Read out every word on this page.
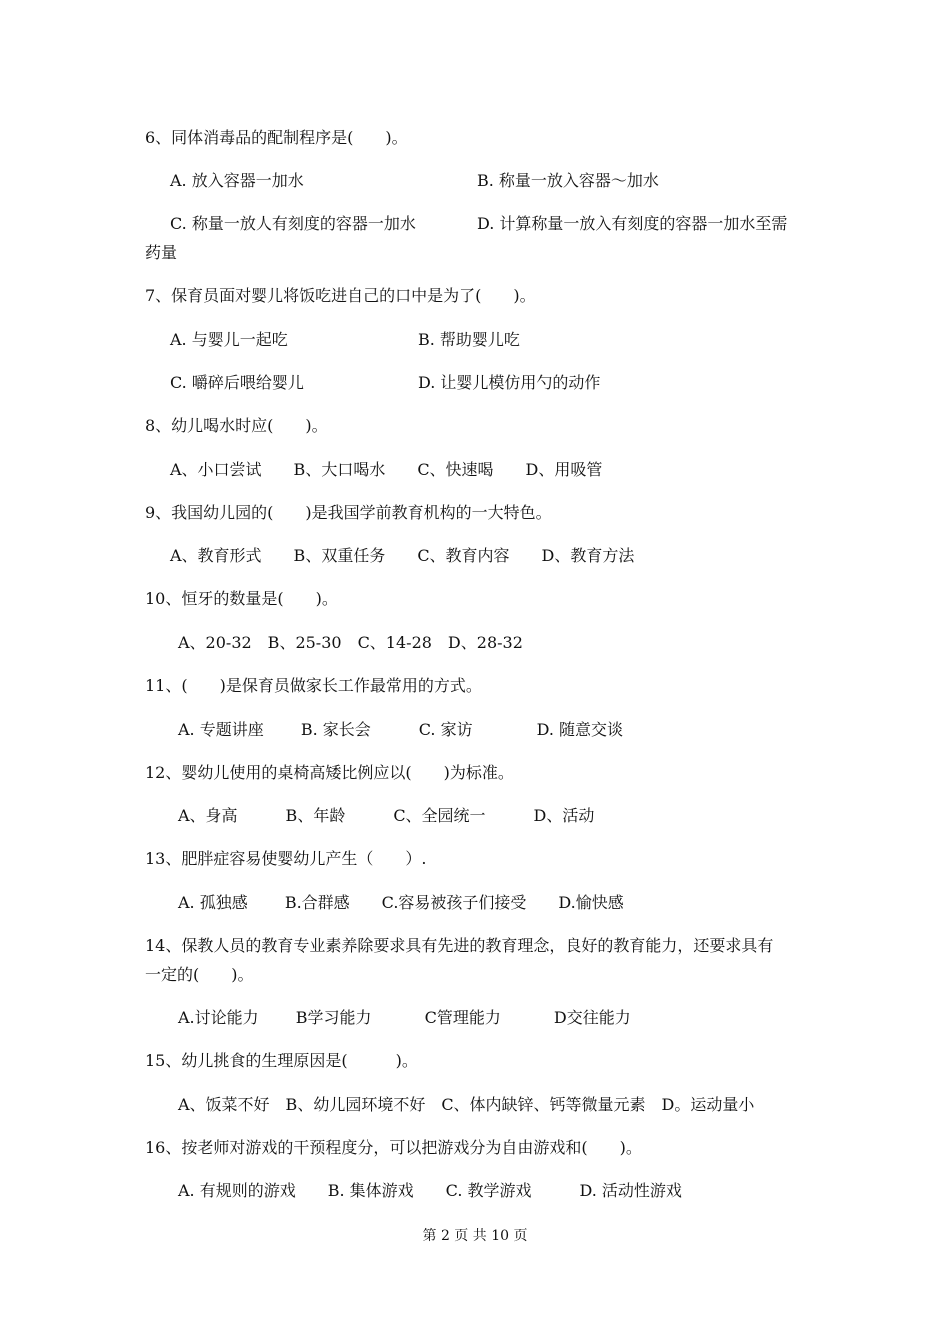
6、同体消毒品的配制程序是(　　)。
A. 放入容器一加水	B. 称量一放入容器～加水
C. 称量一放人有刻度的容器一加水	D. 计算称量一放入有刻度的容器一加水至需
药量
7、保育员面对婴儿将饭吃进自己的口中是为了(　　)。
A. 与婴儿一起吃	B. 帮助婴儿吃
C. 嚼碎后喂给婴儿	D. 让婴儿模仿用勺的动作
8、幼儿喝水时应(　　)。
A、小口尝试　　B、大口喝水　　C、快速喝　　D、用吸管
9、我国幼儿园的(　　)是我国学前教育机构的一大特色。
A、教育形式　　B、双重任务　　C、教育内容　　D、教育方法
10、恒牙的数量是(　　)。
A、20-32　B、25-30　C、14-28　D、28-32
11、(　　)是保育员做家长工作最常用的方式。
A. 专题讲座　　 B. 家长会　　　C. 家访　　　　D. 随意交谈
12、婴幼儿使用的桌椅高矮比例应以(　　)为标准。
A、身高　　　B、年龄　　　C、全园统一　　　D、活动
13、肥胖症容易使婴幼儿产生（　　）.
A. 孤独感　　 B.合群感　　C.容易被孩子们接受　　D.愉快感
14、保教人员的教育专业素养除要求具有先进的教育理念，良好的教育能力，还要求具有
一定的(　　)。
A.讨论能力　　 B学习能力　　　 C管理能力　　　 D交往能力
15、幼儿挑食的生理原因是(　　　)。
A、饭菜不好　B、幼儿园环境不好　C、体内缺锌、钙等微量元素　D。运动量小
16、按老师对游戏的干预程度分，可以把游戏分为自由游戏和(　　)。
A. 有规则的游戏　　B. 集体游戏　　C. 教学游戏　　　D. 活动性游戏
第 2 页 共 10 页
